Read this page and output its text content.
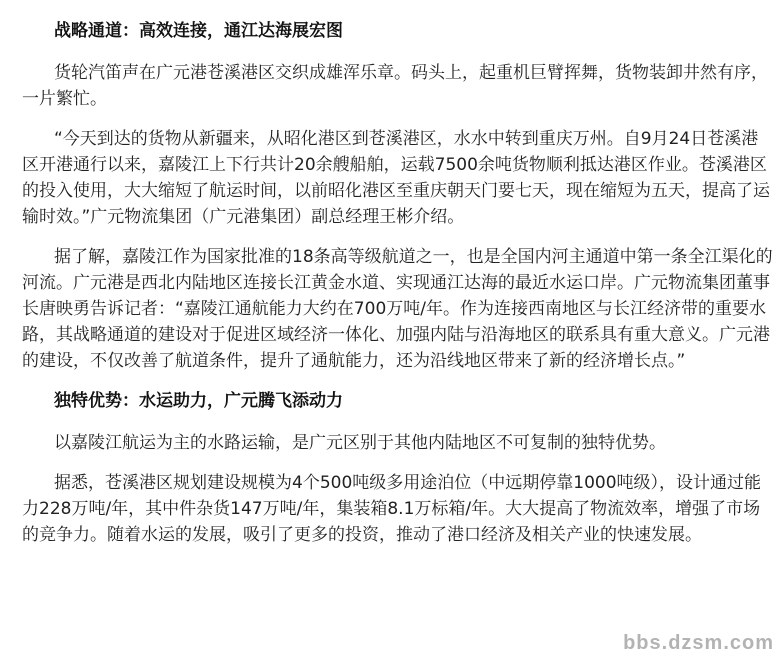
战略通道：高效连接，通江达海展宏图

货轮汽笛声在广元港苍溪港区交织成雄浑乐章。码头上，起重机巨臂挥舞，货物装卸井然有序，一片繁忙。

“今天到达的货物从新疆来，从昭化港区到苍溪港区，水水中转到重庆万州。自9月24日苍溪港区开港通行以来，嘉陵江上下行共计20余艘船舶，运载7500余吨货物顺利抵达港区作业。苍溪港区的投入使用，大大缩短了航运时间，以前昭化港区至重庆朝天门要七天，现在缩短为五天，提高了运输时效。”广元物流集团（广元港集团）副总经理王彬介绍。

据了解，嘉陵江作为国家批准的18条高等级航道之一，也是全国内河主通道中第一条全江渠化的河流。广元港是西北内陆地区连接长江黄金水道、实现通江达海的最近水运口岸。广元物流集团董事长唐映勇告诉记者：“嘉陵江通航能力大约在700万吨/年。作为连接西南地区与长江经济带的重要水路，其战略通道的建设对于促进区域经济一体化、加强内陆与沿海地区的联系具有重大意义。广元港的建设，不仅改善了航道条件，提升了通航能力，还为沿线地区带来了新的经济增长点。”

独特优势：水运助力，广元腾飞添动力

以嘉陵江航运为主的水路运输，是广元区别于其他内陆地区不可复制的独特优势。

据悉，苍溪港区规划建设规模为4个500吨级多用途泊位（中远期停靠1000吨级），设计通过能力228万吨/年，其中件杂货147万吨/年，集装箱8.1万标箱/年。大大提高了物流效率，增强了市场的竞争力。随着水运的发展，吸引了更多的投资，推动了港口经济及相关产业的快速发展。

bbs.dzsm.com
